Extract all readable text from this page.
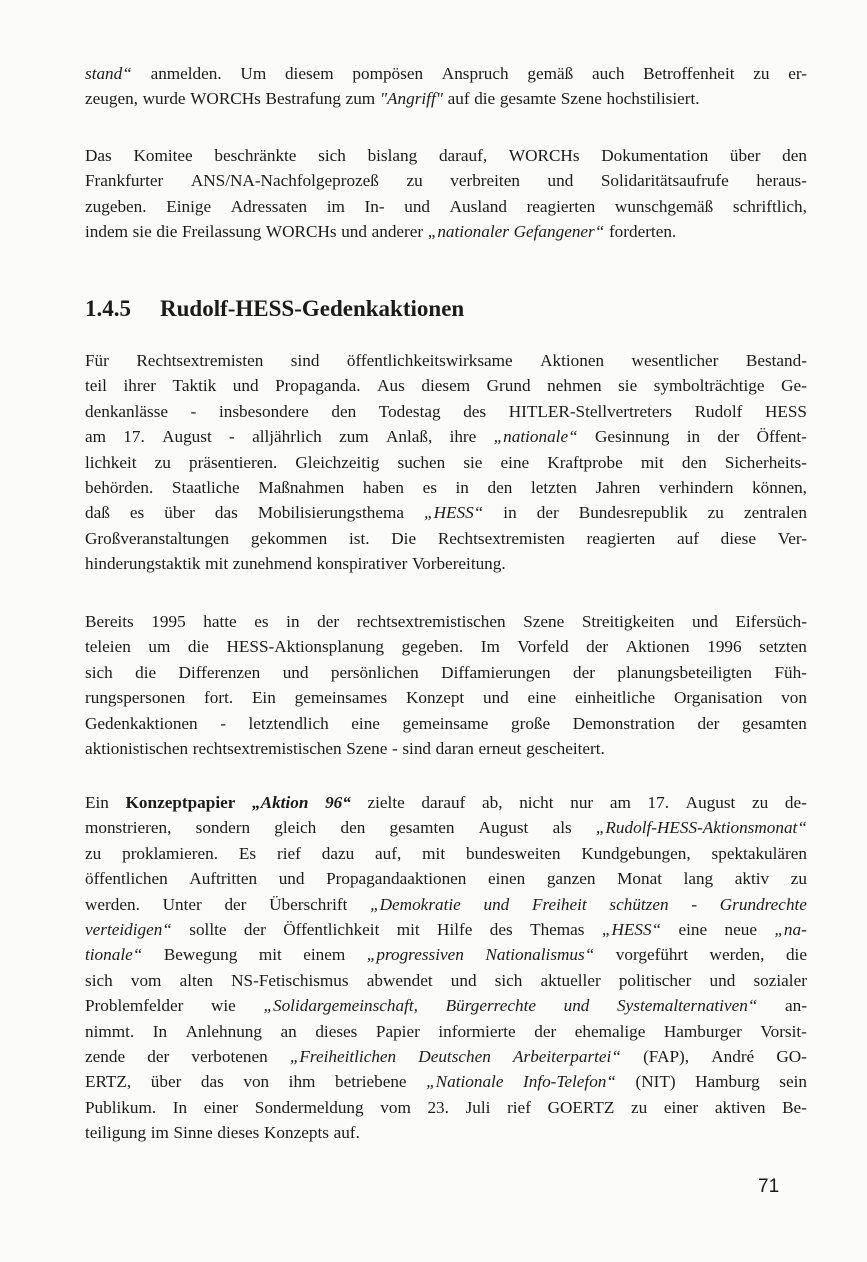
stand“ anmelden. Um diesem pompösen Anspruch gemäß auch Betroffenheit zu er-
zeugen, wurde WORCHs Bestrafung zum "Angriff" auf die gesamte Szene hochstilisiert.
Das Komitee beschränkte sich bislang darauf, WORCHs Dokumentation über den
Frankfurter ANS/NA-Nachfolgeprozeß zu verbreiten und Solidaritätsaufrufe heraus-
zugeben. Einige Adressaten im In- und Ausland reagierten wunschgemäß schriftlich,
indem sie die Freilassung WORCHs und anderer „nationaler Gefangener“ forderten.
1.4.5 Rudolf-HESS-Gedenkaktionen
Für Rechtsextremisten sind öffentlichkeitswirksame Aktionen wesentlicher Bestand-
teil ihrer Taktik und Propaganda. Aus diesem Grund nehmen sie symbolträchtige Ge-
denkanlässe - insbesondere den Todestag des HITLER-Stellvertreters Rudolf HESS
am 17. August - alljährlich zum Anlaß, ihre „nationale“ Gesinnung in der Öffent-
lichkeit zu präsentieren. Gleichzeitig suchen sie eine Kraftprobe mit den Sicherheits-
behörden. Staatliche Maßnahmen haben es in den letzten Jahren verhindern können,
daß es über das Mobilisierungsthema „HESS“ in der Bundesrepublik zu zentralen
Großveranstaltungen gekommen ist. Die Rechtsextremisten reagierten auf diese Ver-
hinderungstaktik mit zunehmend konspirativer Vorbereitung.
Bereits 1995 hatte es in der rechtsextremistischen Szene Streitigkeiten und Eifersüch-
teleien um die HESS-Aktionsplanung gegeben. Im Vorfeld der Aktionen 1996 setzten
sich die Differenzen und persönlichen Diffamierungen der planungsbeteiligten Füh-
rungspersonen fort. Ein gemeinsames Konzept und eine einheitliche Organisation von
Gedenkaktionen - letztendlich eine gemeinsame große Demonstration der gesamten
aktionistischen rechtsextremistischen Szene - sind daran erneut gescheitert.
Ein Konzeptpapier „Aktion 96“ zielte darauf ab, nicht nur am 17. August zu de-
monstrieren, sondern gleich den gesamten August als „Rudolf-HESS-Aktionsmonat“
zu proklamieren. Es rief dazu auf, mit bundesweiten Kundgebungen, spektakulären
öffentlichen Auftritten und Propagandaaktionen einen ganzen Monat lang aktiv zu
werden. Unter der Überschrift „Demokratie und Freiheit schützen - Grundrechte
verteidigen“ sollte der Öffentlichkeit mit Hilfe des Themas „HESS“ eine neue „na-
tionale“ Bewegung mit einem „progressiven Nationalismus“ vorgeführt werden, die
sich vom alten NS-Fetischismus abwendet und sich aktueller politischer und sozialer
Problemfelder wie „Solidargemeinschaft, Bürgerrechte und Systemalternativen“ an-
nimmt. In Anlehnung an dieses Papier informierte der ehemalige Hamburger Vorsit-
zende der verbotenen „Freiheitlichen Deutschen Arbeiterpartei“ (FAP), André GO-
ERTZ, über das von ihm betriebene „Nationale Info-Telefon“ (NIT) Hamburg sein
Publikum. In einer Sondermeldung vom 23. Juli rief GOERTZ zu einer aktiven Be-
teiligung im Sinne dieses Konzepts auf.
71
